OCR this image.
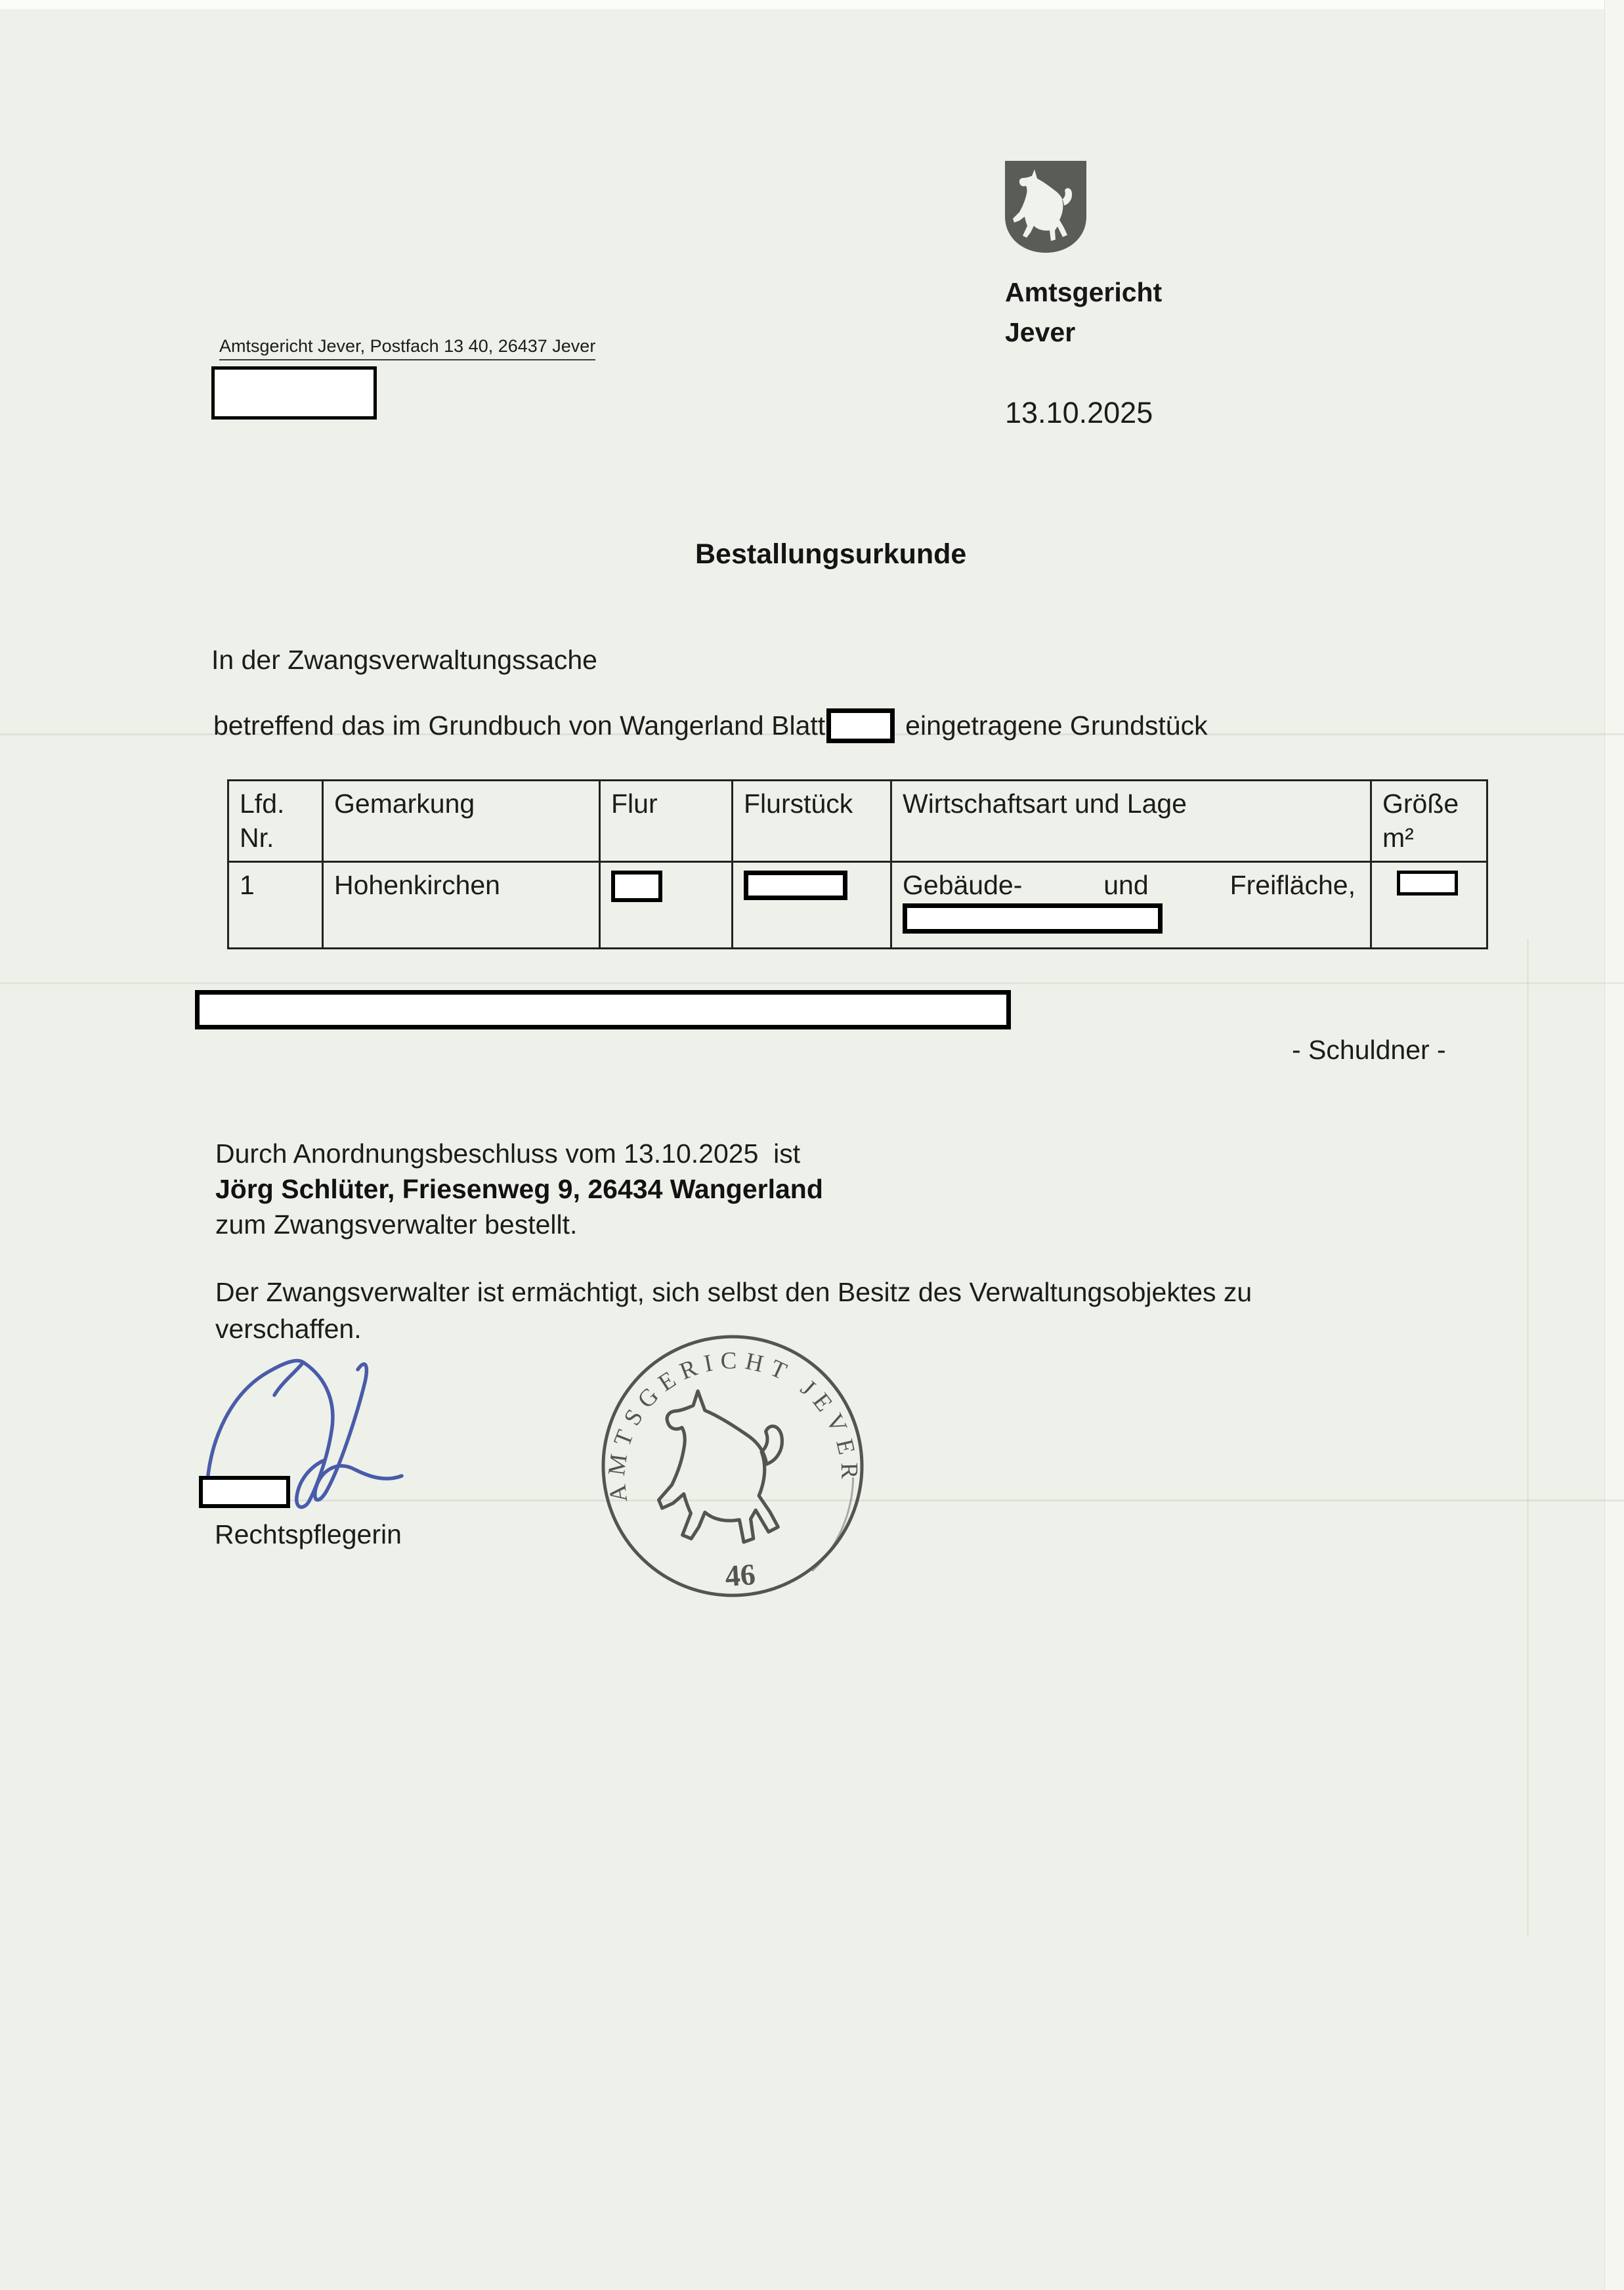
Amtsgericht
Jever
13.10.2025
Amtsgericht Jever, Postfach 13 40, 26437 Jever
Bestallungsurkunde
In der Zwangsverwaltungssache
betreffend das im Grundbuch von Wangerland Blatt	eingetragene Grundstück
Lfd.
Nr.	Gemarkung	Flur	Flurstück	Wirtschaftsart und Lage	Größe
m²

1	Hohenkirchen			Gebäude- und Freifläche,	

- Schuldner -
Durch Anordnungsbeschluss vom 13.10.2025  ist
Jörg Schlüter, Friesenweg 9, 26434 Wangerland
zum Zwangsverwalter bestellt.
Der Zwangsverwalter ist ermächtigt, sich selbst den Besitz des Verwaltungsobjektes zu
verschaffen.
Rechtspflegerin
AMTSGERICHT JEVER
46
